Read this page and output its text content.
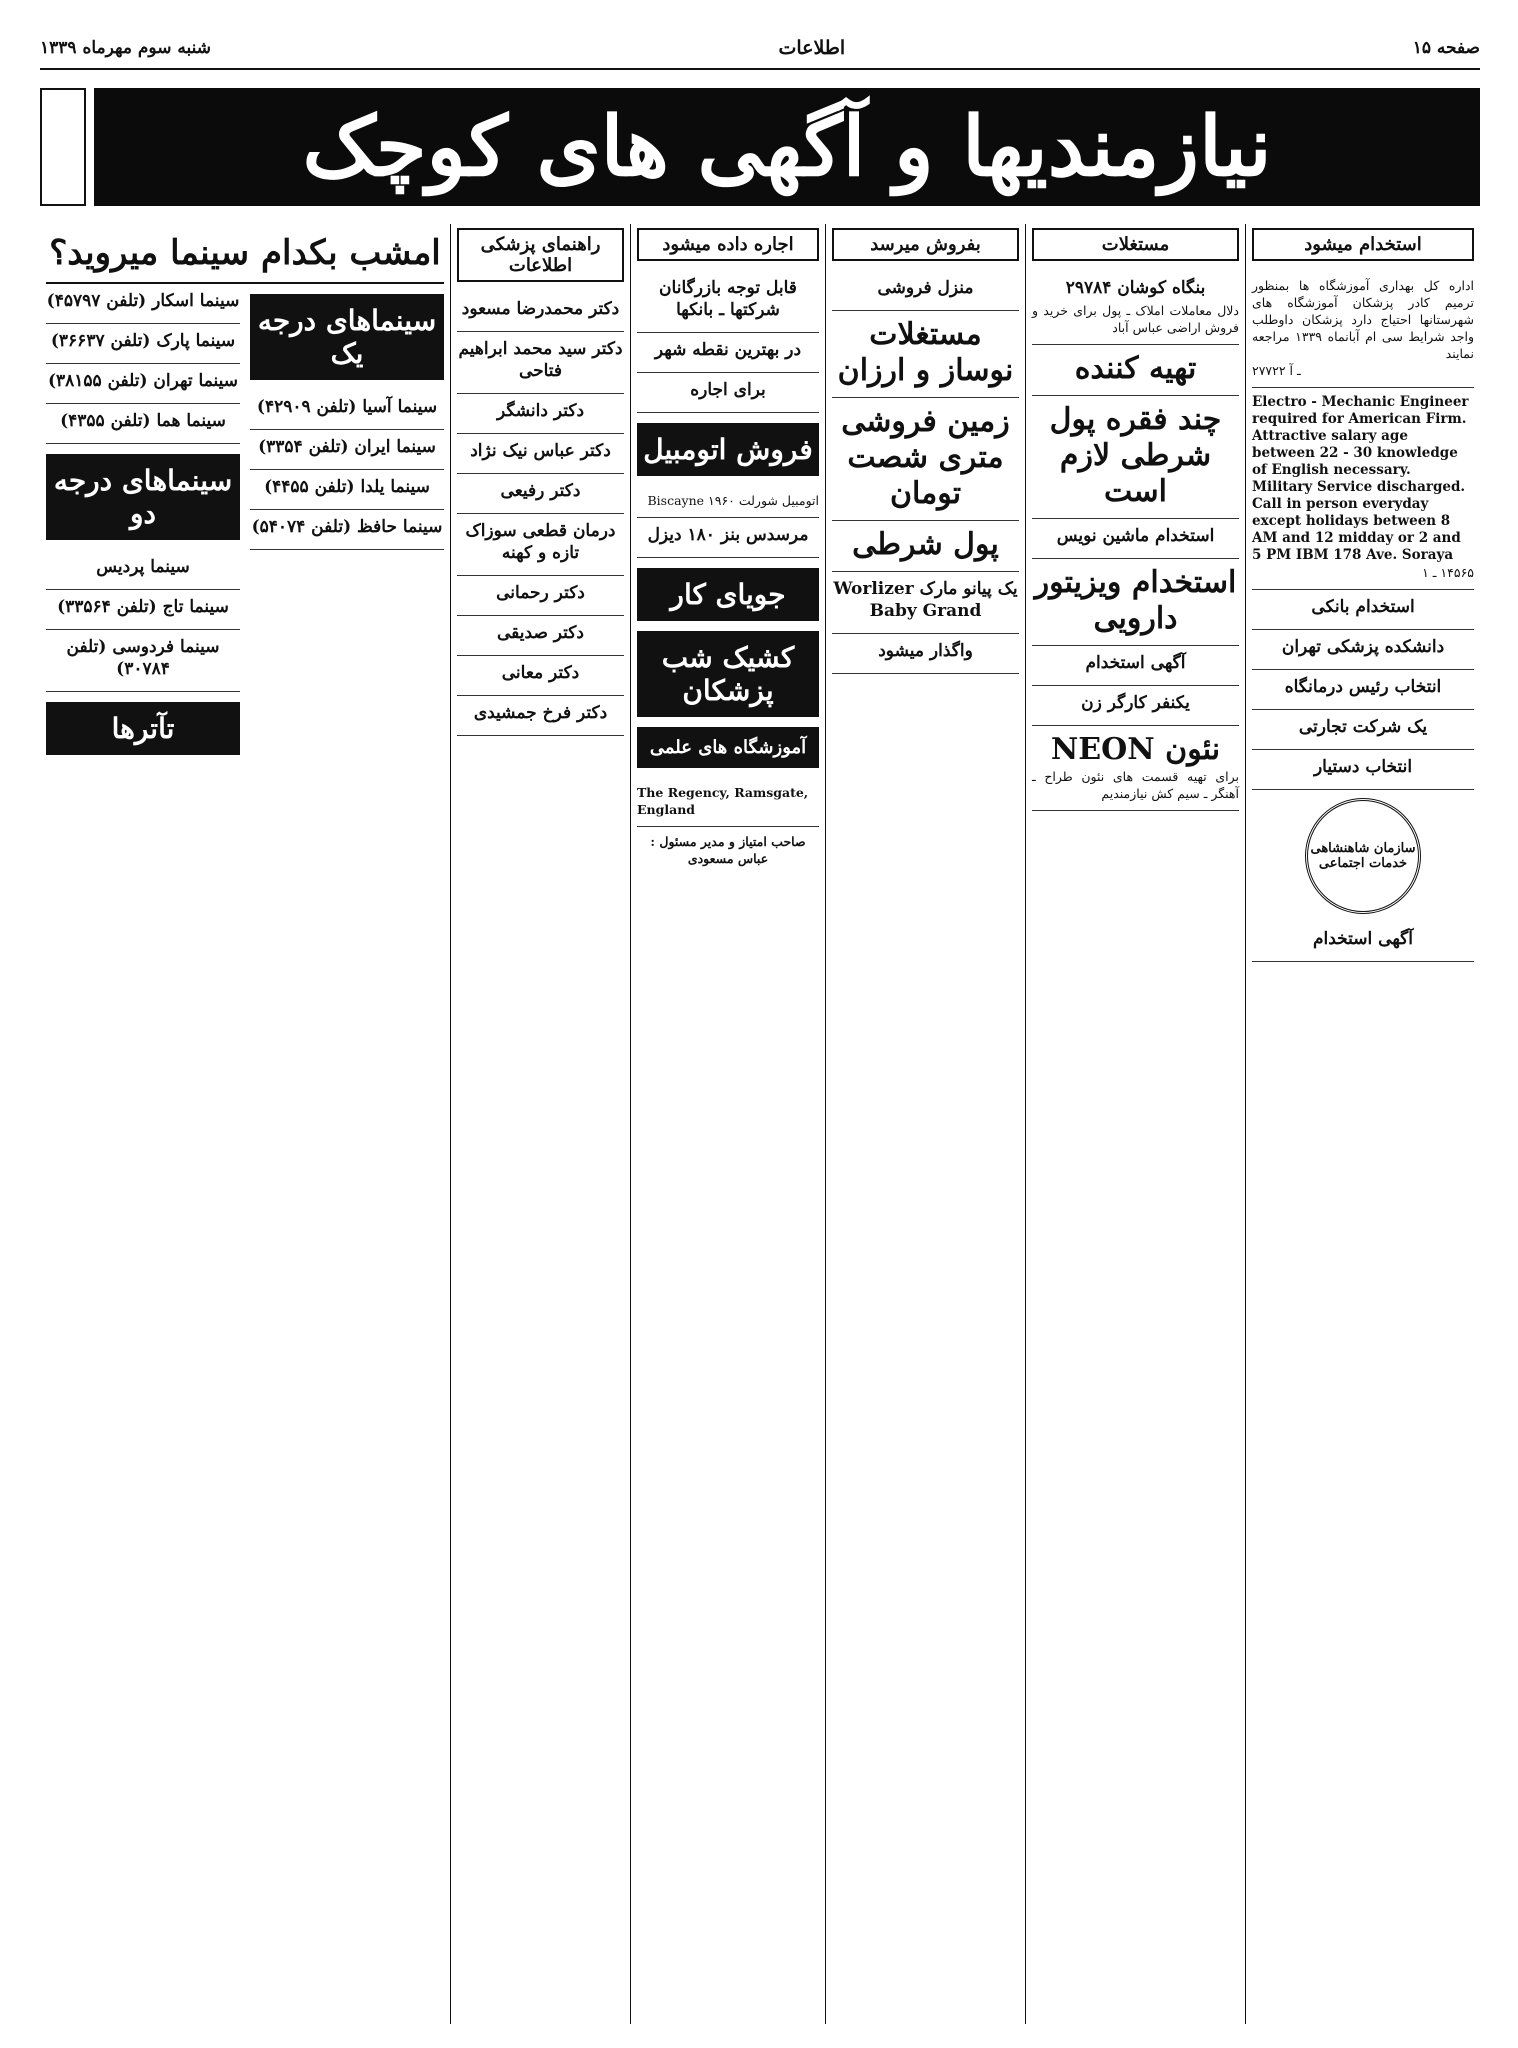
صفحه ۱۵
اطلاعات
شنبه سوم مهرماه ۱۳۳۹
نیازمندیها و آگهی های کوچک
استخدام میشود
اداره کل بهداری آموزشگاه ها بمنظور ترمیم کادر پزشکان آموزشگاه های شهرستانها احتیاج دارد پزشکان داوطلب واجد شرایط سی ام آبانماه ۱۳۳۹ مراجعه نمایند
۲۷۷۲۲ ـ آ
Electro - Mechanic Engineer required for American Firm. Attractive salary age between 22 - 30 knowledge of English necessary. Military Service discharged. Call in person everyday except holidays between 8 AM and 12 midday or 2 and 5 PM IBM 178 Ave. Soraya
۱۴۵۶۵ ـ ۱
استخدام بانکی
دانشکده پزشکی تهران
انتخاب رئیس درمانگاه
یک شرکت تجارتی
انتخاب دستیار
سازمان شاهنشاهی خدمات اجتماعی
آگهی استخدام
مستغلات
بنگاه کوشان ۲۹۷۸۴
دلال معاملات املاک ـ پول برای خرید و فروش اراضی عباس آباد
تهیه کننده
چند فقره پول شرطی لازم است
استخدام ماشین نویس
استخدام ویزیتور دارویی
آگهی استخدام
یکنفر کارگر زن
نئون NEON
برای تهیه قسمت های نئون طراح ـ آهنگر ـ سیم کش نیازمندیم
بفروش میرسد
منزل فروشی
مستغلات نوساز و ارزان
زمین فروشی متری شصت تومان
پول شرطی
یک پیانو مارک Worlizer Baby Grand
واگذار میشود
اجاره داده میشود
قابل توجه بازرگانان شرکتها ـ بانکها
در بهترین نقطه شهر
برای اجاره
فروش اتومبیل
اتومبیل شورلت ۱۹۶۰ Biscayne
مرسدس بنز ۱۸۰ دیزل
جویای کار
کشیک شب پزشکان
آموزشگاه های علمی
The Regency, Ramsgate, England
صاحب امتیاز و مدیر مسئول : عباس مسعودی
راهنمای پزشکی اطلاعات
دکتر محمدرضا مسعود
دکتر سید محمد ابراهیم فتاحی
دکتر دانشگر
دکتر عباس نیک نژاد
دکتر رفیعی
درمان قطعی سوزاک تازه و کهنه
دکتر رحمانی
دکتر صدیقی
دکتر معانی
دکتر فرخ جمشیدی
امشب بکدام سینما میروید؟
سینما اسکار (تلفن ۴۵۷۹۷)
سینما پارک (تلفن ۳۶۶۳۷)
سینما تهران (تلفن ۳۸۱۵۵)
سینما هما (تلفن ۴۳۵۵)
سینماهای درجه دو
سینما پردیس
سینما تاج (تلفن ۳۳۵۶۴)
سینما فردوسی (تلفن ۳۰۷۸۴)
تآترها
سینماهای درجه یک
سینما آسیا (تلفن ۴۲۹۰۹)
سینما ایران (تلفن ۳۳۵۴)
سینما یلدا (تلفن ۴۴۵۵)
سینما حافظ (تلفن ۵۴۰۷۴)
